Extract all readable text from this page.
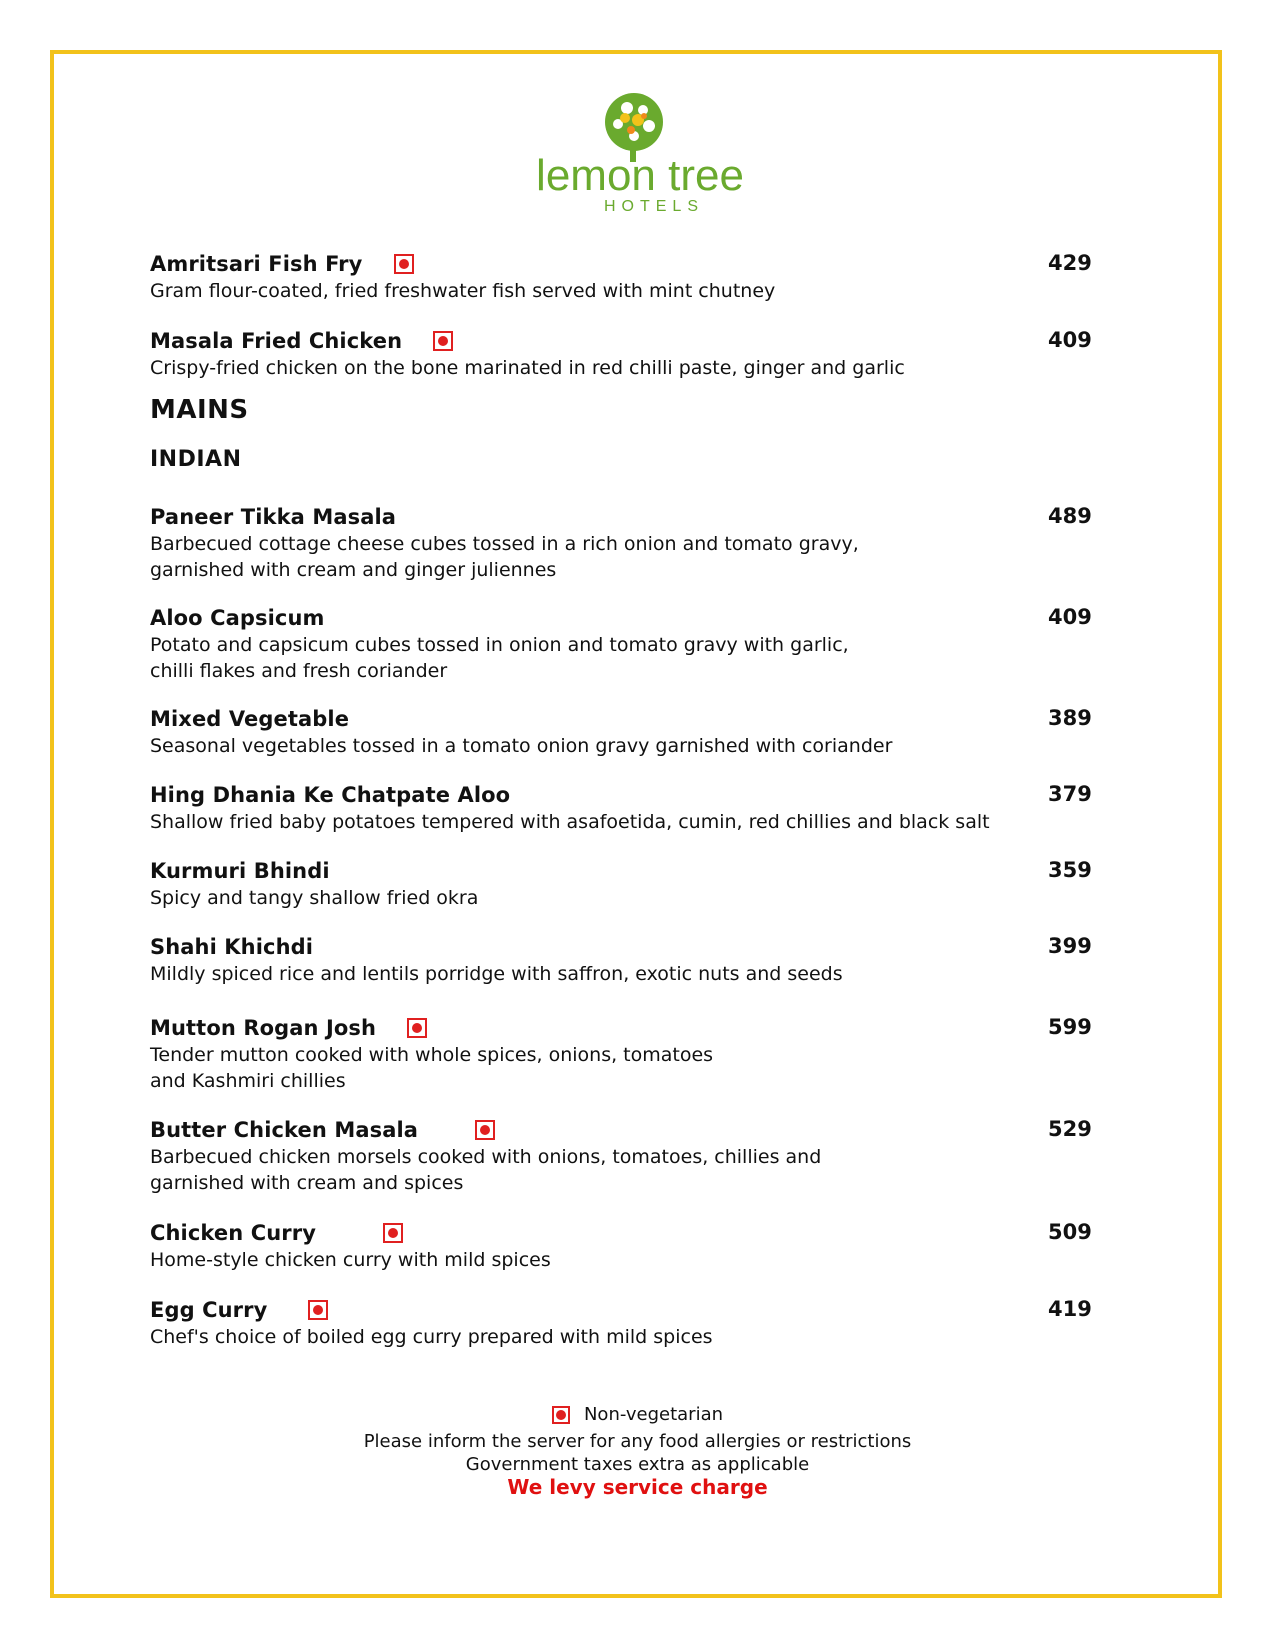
lemon tree
HOTELS
Amritsari Fish Fry	429
Gram flour-coated, fried freshwater fish served with mint chutney
Masala Fried Chicken	409
Crispy-fried chicken on the bone marinated in red chilli paste, ginger and garlic
MAINS
INDIAN
Paneer Tikka Masala	489
Barbecued cottage cheese cubes tossed in a rich onion and tomato gravy,
garnished with cream and ginger juliennes
Aloo Capsicum	409
Potato and capsicum cubes tossed in onion and tomato gravy with garlic,
chilli flakes and fresh coriander
Mixed Vegetable	389
Seasonal vegetables tossed in a tomato onion gravy garnished with coriander
Hing Dhania Ke Chatpate Aloo	379
Shallow fried baby potatoes tempered with asafoetida, cumin, red chillies and black salt
Kurmuri Bhindi	359
Spicy and tangy shallow fried okra
Shahi Khichdi	399
Mildly spiced rice and lentils porridge with saffron, exotic nuts and seeds
Mutton Rogan Josh	599
Tender mutton cooked with whole spices, onions, tomatoes
and Kashmiri chillies
Butter Chicken Masala	529
Barbecued chicken morsels cooked with onions, tomatoes, chillies and
garnished with cream and spices
Chicken Curry	509
Home-style chicken curry with mild spices
Egg Curry	419
Chef's choice of boiled egg curry prepared with mild spices
Non-vegetarian
Please inform the server for any food allergies or restrictions
Government taxes extra as applicable
We levy service charge
